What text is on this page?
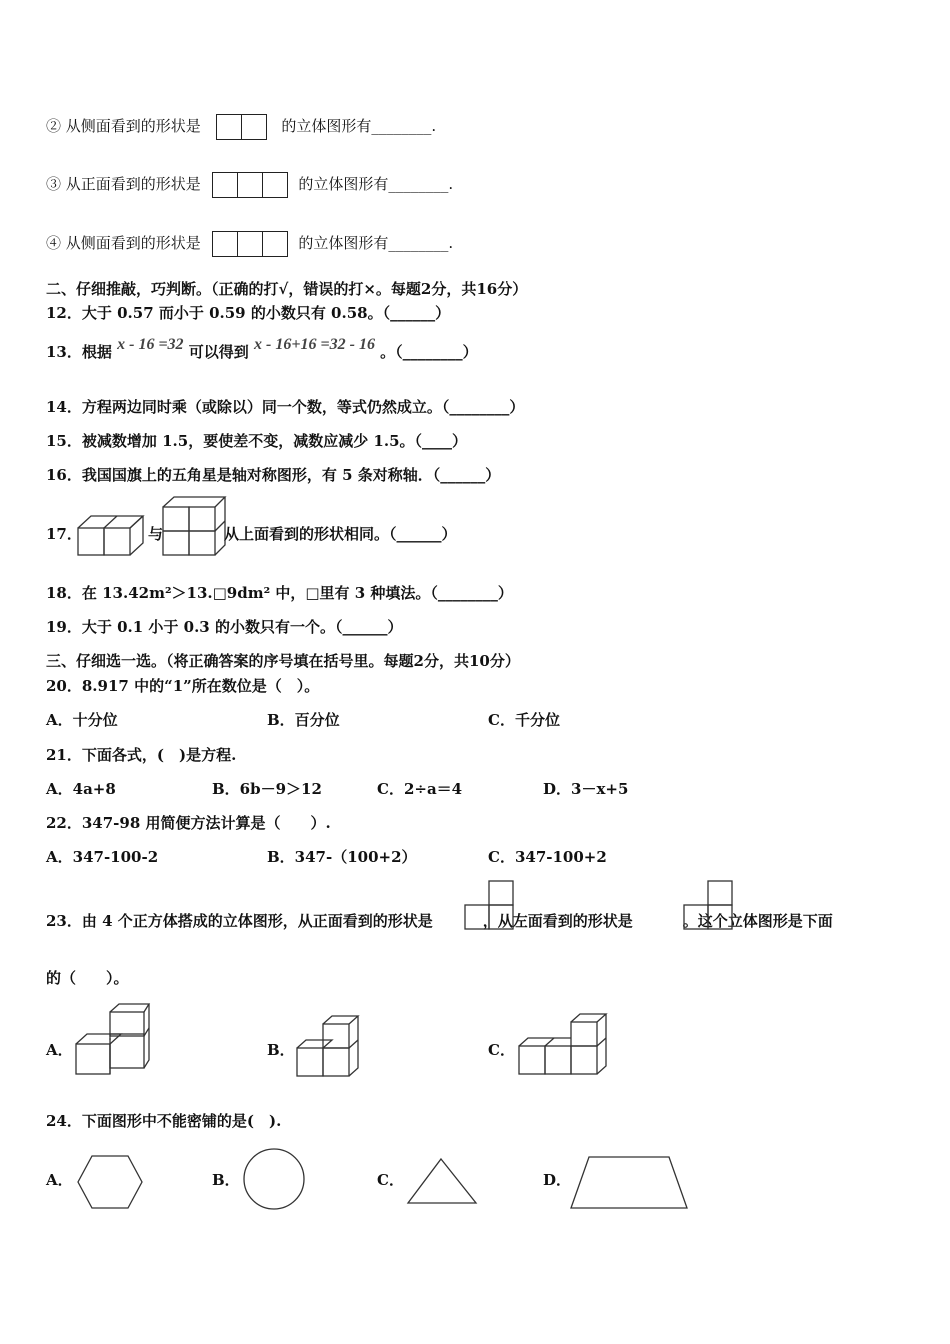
② 从侧面看到的形状是	的立体图形有________.
③ 从正面看到的形状是	的立体图形有________.
④ 从侧面看到的形状是	的立体图形有________.
二、仔细推敲，巧判断。（正确的打√，错误的打×。每题2分，共16分）
12．大于 0.57 而小于 0.59 的小数只有 0.58。（______）
13．根据 x - 16 =32 可以得到 x - 16+16 =32 - 16 。（________）
14．方程两边同时乘（或除以）同一个数，等式仍然成立。（________）
15．被减数增加 1.5，要使差不变，减数应减少 1.5。（____）
16．我国国旗上的五角星是轴对称图形，有 5 条对称轴．（______）
17．	与	从上面看到的形状相同。（______）
18．在 13.42m²＞13.□9dm² 中，□里有 3 种填法。（________）
19．大于 0.1 小于 0.3 的小数只有一个。（______）
三、仔细选一选。（将正确答案的序号填在括号里。每题2分，共10分）
20．8.917 中的“1”所在数位是（　）。
A．十分位	B．百分位	C．千分位
21．下面各式，(　)是方程.
A．4a+8	B．6b－9＞12	C．2÷a＝4	D．3－x+5
22．347-98 用简便方法计算是（　　）.
A．347-100-2	B．347-（100+2）	C．347-100+2
23．由 4 个正方体搭成的立体图形，从正面看到的形状是	，从左面看到的形状是	。这个立体图形是下面
的（　　）。
A．	B．	C．
24．下面图形中不能密铺的是(　).
A．	B．	C．	D．
